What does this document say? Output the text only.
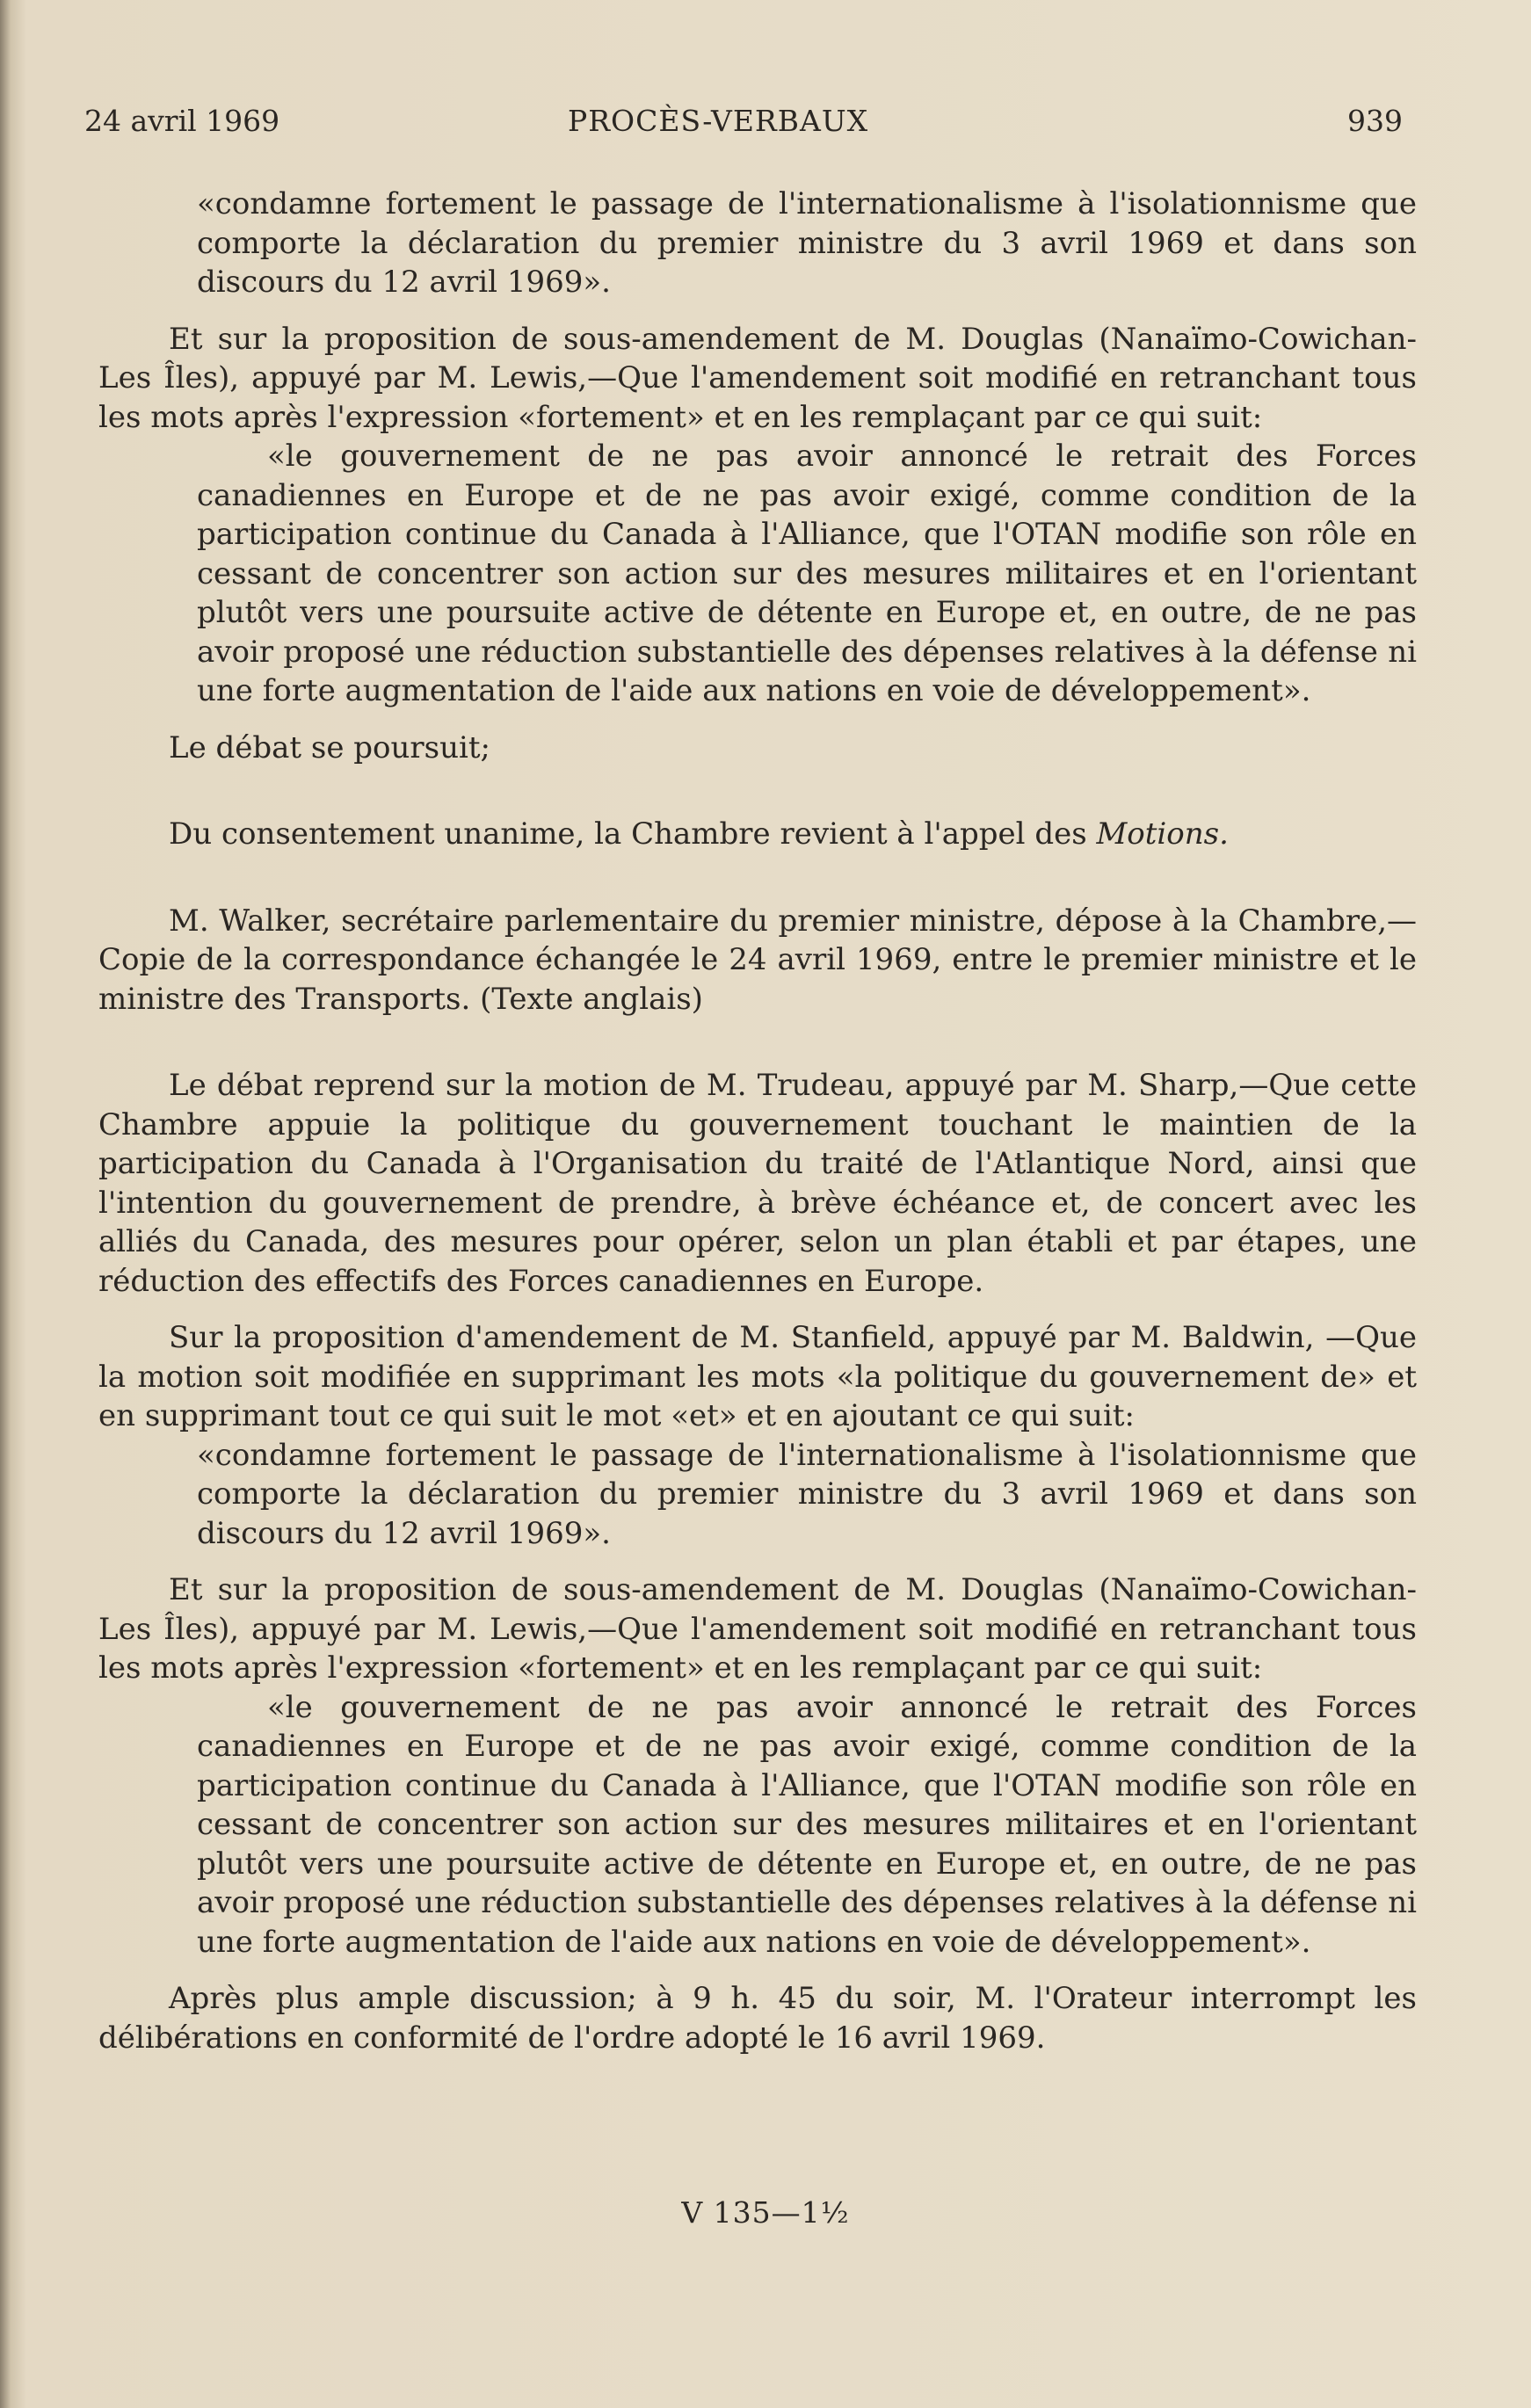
24 avril 1969	PROCÈS-VERBAUX	939

«condamne fortement le passage de l'internationalisme à l'isolationnisme que comporte la déclaration du premier ministre du 3 avril 1969 et dans son discours du 12 avril 1969».

Et sur la proposition de sous-amendement de M. Douglas (Nanaïmo-Cowichan-Les Îles), appuyé par M. Lewis,—Que l'amendement soit modifié en retranchant tous les mots après l'expression «fortement» et en les remplaçant par ce qui suit:

«le gouvernement de ne pas avoir annoncé le retrait des Forces canadiennes en Europe et de ne pas avoir exigé, comme condition de la participation continue du Canada à l'Alliance, que l'OTAN modifie son rôle en cessant de concentrer son action sur des mesures militaires et en l'orientant plutôt vers une poursuite active de détente en Europe et, en outre, de ne pas avoir proposé une réduction substantielle des dépenses relatives à la défense ni une forte augmentation de l'aide aux nations en voie de développement».

Le débat se poursuit;

Du consentement unanime, la Chambre revient à l'appel des Motions.

M. Walker, secrétaire parlementaire du premier ministre, dépose à la Chambre,—Copie de la correspondance échangée le 24 avril 1969, entre le premier ministre et le ministre des Transports. (Texte anglais)

Le débat reprend sur la motion de M. Trudeau, appuyé par M. Sharp,—Que cette Chambre appuie la politique du gouvernement touchant le maintien de la participation du Canada à l'Organisation du traité de l'Atlantique Nord, ainsi que l'intention du gouvernement de prendre, à brève échéance et, de concert avec les alliés du Canada, des mesures pour opérer, selon un plan établi et par étapes, une réduction des effectifs des Forces canadiennes en Europe.

Sur la proposition d'amendement de M. Stanfield, appuyé par M. Baldwin, —Que la motion soit modifiée en supprimant les mots «la politique du gouvernement de» et en supprimant tout ce qui suit le mot «et» et en ajoutant ce qui suit:

«condamne fortement le passage de l'internationalisme à l'isolationnisme que comporte la déclaration du premier ministre du 3 avril 1969 et dans son discours du 12 avril 1969».

Et sur la proposition de sous-amendement de M. Douglas (Nanaïmo-Cowichan-Les Îles), appuyé par M. Lewis,—Que l'amendement soit modifié en retranchant tous les mots après l'expression «fortement» et en les remplaçant par ce qui suit:

«le gouvernement de ne pas avoir annoncé le retrait des Forces canadiennes en Europe et de ne pas avoir exigé, comme condition de la participation continue du Canada à l'Alliance, que l'OTAN modifie son rôle en cessant de concentrer son action sur des mesures militaires et en l'orientant plutôt vers une poursuite active de détente en Europe et, en outre, de ne pas avoir proposé une réduction substantielle des dépenses relatives à la défense ni une forte augmentation de l'aide aux nations en voie de développement».

Après plus ample discussion; à 9 h. 45 du soir, M. l'Orateur interrompt les délibérations en conformité de l'ordre adopté le 16 avril 1969.

V 135—1½
